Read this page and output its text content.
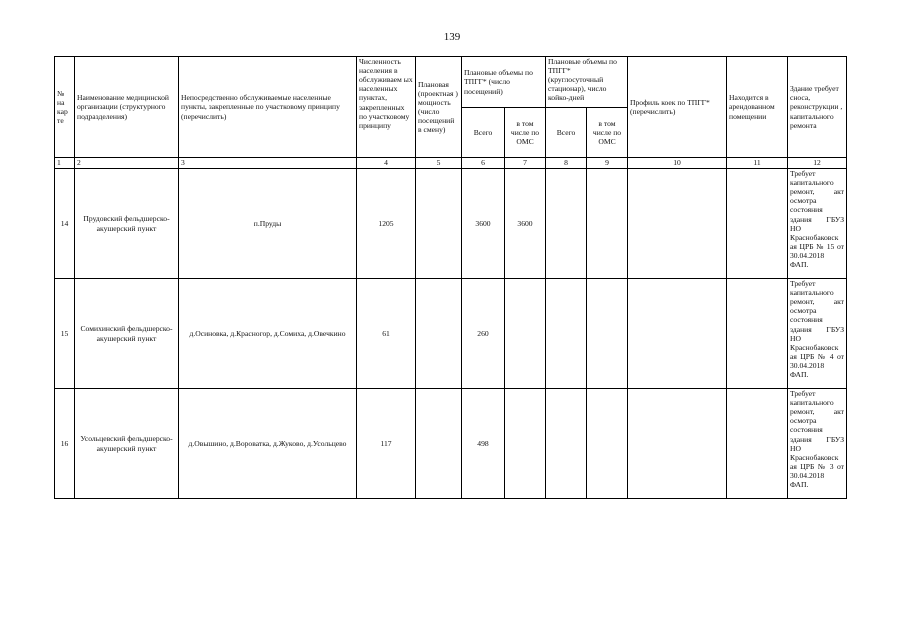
139
№ на кар те	Наименование медицинской организации (структурного подразделения)	Непосредственно обслуживаемые населенные пункты, закрепленные по участковому принципу (перечислить)	Численность населения в обслуживаем ых населенных пунктах, закрепленных по участковому принципу	Плановая (проектная ) мощность (число посещений в смену)	Плановые объемы по ТПГГ* (число посещений)		Плановые объемы по ТПГГ* (круглосуточный стационар), число койко-дней		Профиль коек по ТПГГ* (перечислить)	Находится в арендованном помещении	Здание требует сноса, реконструкции , капитального ремонта
					Всего	в том числе по ОМС	Всего	в том числе по ОМС			
1	2	3	4	5	6	7	8	9	10	11	12
14	Прудовский фельдшерско-акушерский пункт	п.Пруды	1205		3600	3600					Требует капитального ремонт, акт осмотра состояния здания ГБУЗ НО Краснобаковск ая ЦРБ № 15 от 30.04.2018 ФАП.
15	Сомихинский фельдшерско-акушерский пункт	д.Осиновка, д.Красногор, д.Сомиха, д.Овечкино	61		260						Требует капитального ремонт, акт осмотра состояния здания ГБУЗ НО Краснобаковск ая ЦРБ № 4 от 30.04.2018 ФАП.
16	Усольцевский фельдшерско-акушерский пункт	д.Овышино, д.Вороватка, д.Жуково, д.Усольцево	117		498						Требует капитального ремонт, акт осмотра состояния здания ГБУЗ НО Краснобаковск ая ЦРБ № 3 от 30.04.2018 ФАП.
